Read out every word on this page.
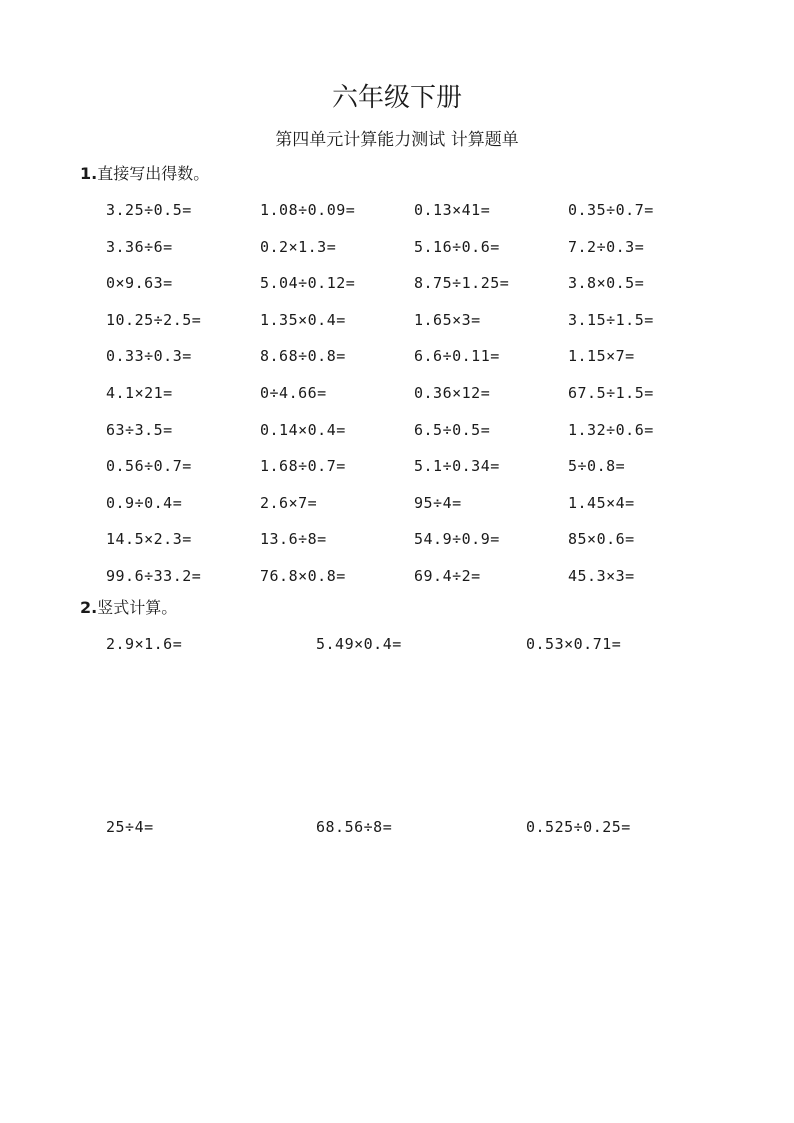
六年级下册
第四单元计算能力测试 计算题单
1.直接写出得数。
3.25÷0.5=	1.08÷0.09=	0.13×41=	0.35÷0.7=
3.36÷6=	0.2×1.3=	5.16÷0.6=	7.2÷0.3=
0×9.63=	5.04÷0.12=	8.75÷1.25=	3.8×0.5=
10.25÷2.5=	1.35×0.4=	1.65×3=	3.15÷1.5=
0.33÷0.3=	8.68÷0.8=	6.6÷0.11=	1.15×7=
4.1×21=	0÷4.66=	0.36×12=	67.5÷1.5=
63÷3.5=	0.14×0.4=	6.5÷0.5=	1.32÷0.6=
0.56÷0.7=	1.68÷0.7=	5.1÷0.34=	5÷0.8=
0.9÷0.4=	2.6×7=	95÷4=	1.45×4=
14.5×2.3=	13.6÷8=	54.9÷0.9=	85×0.6=
99.6÷33.2=	76.8×0.8=	69.4÷2=	45.3×3=
2.竖式计算。
2.9×1.6=	5.49×0.4=	0.53×0.71=
25÷4=	68.56÷8=	0.525÷0.25=
